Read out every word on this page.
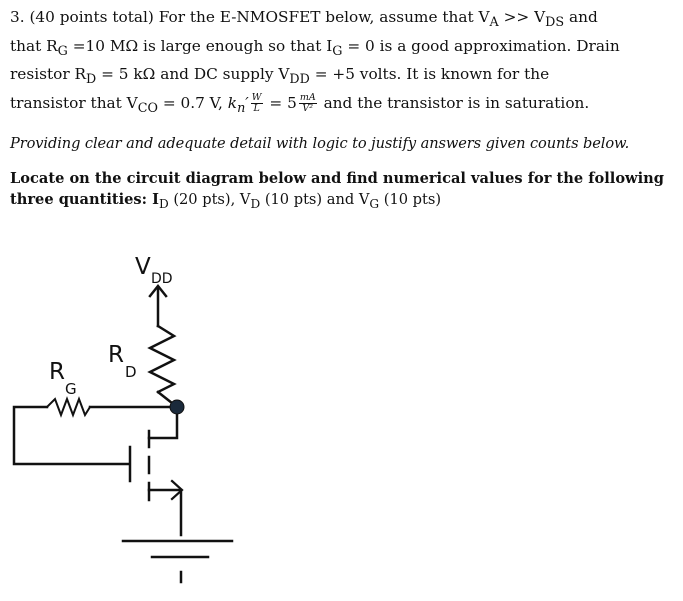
3. (40 points total) For the E-NMOSFET below, assume that $V_A >> V_{DS}$ and
that $R_G =10$ MΩ is large enough so that $I_G = 0$ is a good approximation. Drain
resistor $R_D = 5$ kΩ and DC supply $V_{DD} = +5$ volts. It is known for the
transistor that $V_{CO} = 0.7$ V, $k_n' \frac{W}{L} = 5 \frac{mA}{\text{V²}}$ and the transistor is in saturation.

Providing clear and adequate detail with logic to justify answers given counts below.

Locate on the circuit diagram below and find numerical values for the following
three quantities: $I_D$ (20 pts), $V_D$ (10 pts) and $V_G$ (10 pts)

V DD
R
D
R
G
